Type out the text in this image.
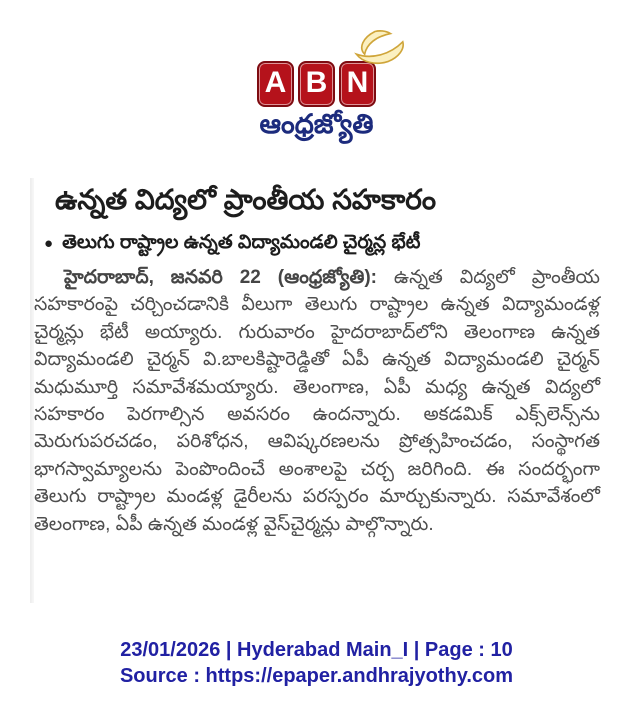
A B N
ఆంధ్రజ్యోతి
ఉన్నత విద్యలో ప్రాంతీయ సహకారం
● తెలుగు రాష్ట్రాల ఉన్నత విద్యామండలి చైర్మన్ల భేటీ
హైదరాబాద్, జనవరి 22 (ఆంధ్రజ్యోతి): ఉన్నత విద్యలో ప్రాంతీయ సహకారంపై చర్చించడానికి వీలుగా తెలుగు రాష్ట్రాల ఉన్నత విద్యామండళ్ల చైర్మన్లు భేటీ అయ్యారు. గురువారం హైదరాబాద్‌లోని తెలంగాణ ఉన్నత విద్యామండలి చైర్మన్ వి.బాలకిష్టారెడ్డితో ఏపీ ఉన్నత విద్యామండలి చైర్మన్ మధుమూర్తి సమావేశమయ్యారు. తెలంగాణ, ఏపీ మధ్య ఉన్నత విద్యలో సహకారం పెరగాల్సిన అవసరం ఉందన్నారు. అకడమిక్ ఎక్స్‌లెన్స్‌ను మెరుగుపరచడం, పరిశోధన, ఆవిష్కరణలను ప్రోత్సహించడం, సంస్థాగత భాగస్వామ్యాలను పెంపొందించే అంశాలపై చర్చ జరిగింది. ఈ సందర్భంగా తెలుగు రాష్ట్రాల మండళ్ల డైరీలను పరస్పరం మార్చుకున్నారు. సమావేశంలో తెలంగాణ, ఏపీ ఉన్నత మండళ్ల వైస్‌చైర్మన్లు పాల్గొన్నారు.
23/01/2026 | Hyderabad Main_I | Page : 10
Source : https://epaper.andhrajyothy.com
